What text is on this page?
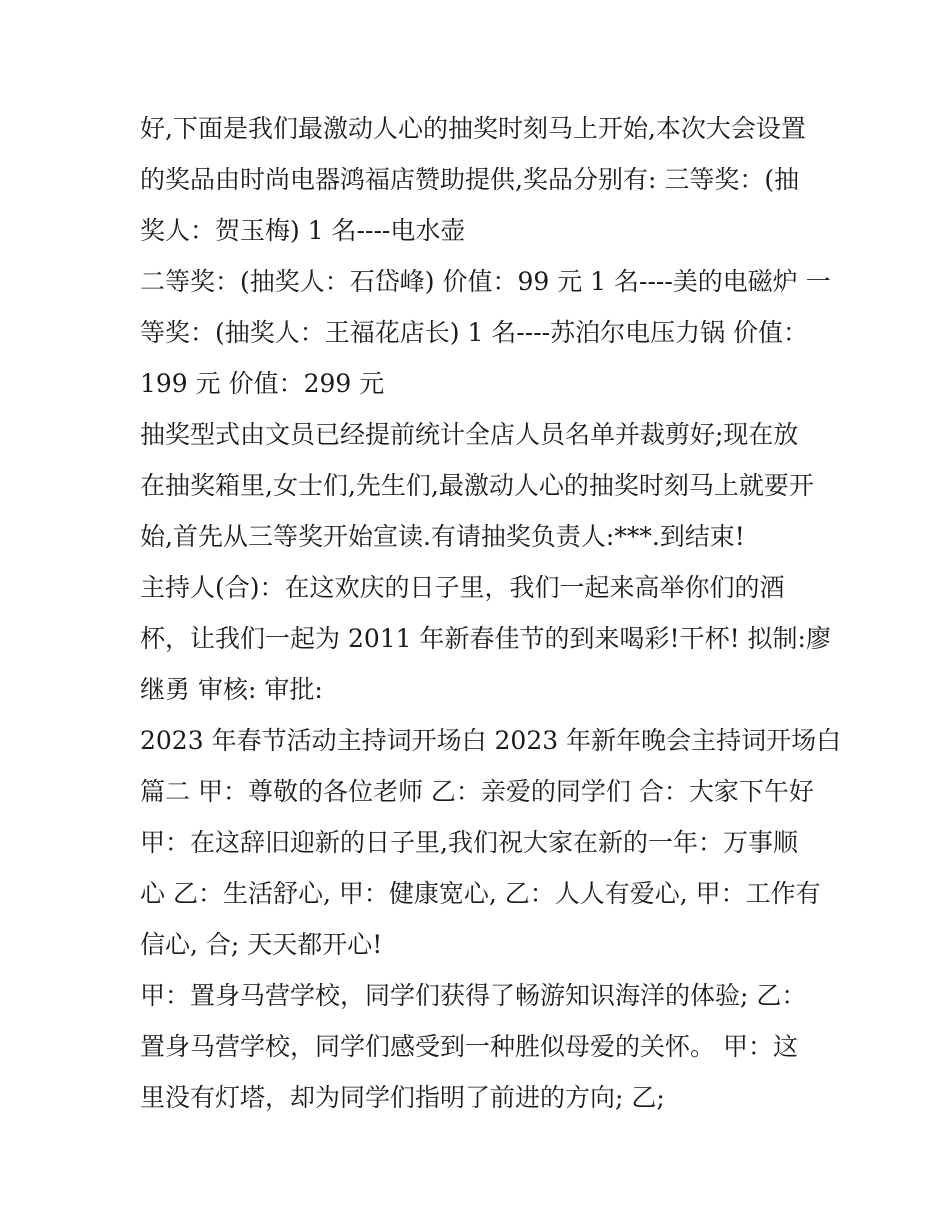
好,下面是我们最激动人心的抽奖时刻马上开始,本次大会设置
的奖品由时尚电器鸿福店赞助提供,奖品分别有: 三等奖：(抽
奖人：贺玉梅) 1 名----电水壶
二等奖：(抽奖人：石岱峰) 价值：99 元 1 名----美的电磁炉 一
等奖：(抽奖人：王福花店长) 1 名----苏泊尔电压力锅 价值：
199 元 价值：299 元
抽奖型式由文员已经提前统计全店人员名单并裁剪好;现在放
在抽奖箱里,女士们,先生们,最激动人心的抽奖时刻马上就要开
始,首先从三等奖开始宣读.有请抽奖负责人:***.到结束!
主持人(合)：在这欢庆的日子里，我们一起来高举你们的酒
杯，让我们一起为 2011 年新春佳节的到来喝彩!干杯! 拟制:廖
继勇 审核: 审批:
2023 年春节活动主持词开场白 2023 年新年晚会主持词开场白
篇二 甲：尊敬的各位老师 乙：亲爱的同学们 合：大家下午好
甲：在这辞旧迎新的日子里,我们祝大家在新的一年：万事顺
心 乙：生活舒心, 甲：健康宽心, 乙：人人有爱心, 甲：工作有
信心, 合; 天天都开心!
甲：置身马营学校，同学们获得了畅游知识海洋的体验; 乙：
置身马营学校，同学们感受到一种胜似母爱的关怀。 甲：这
里没有灯塔，却为同学们指明了前进的方向; 乙;
